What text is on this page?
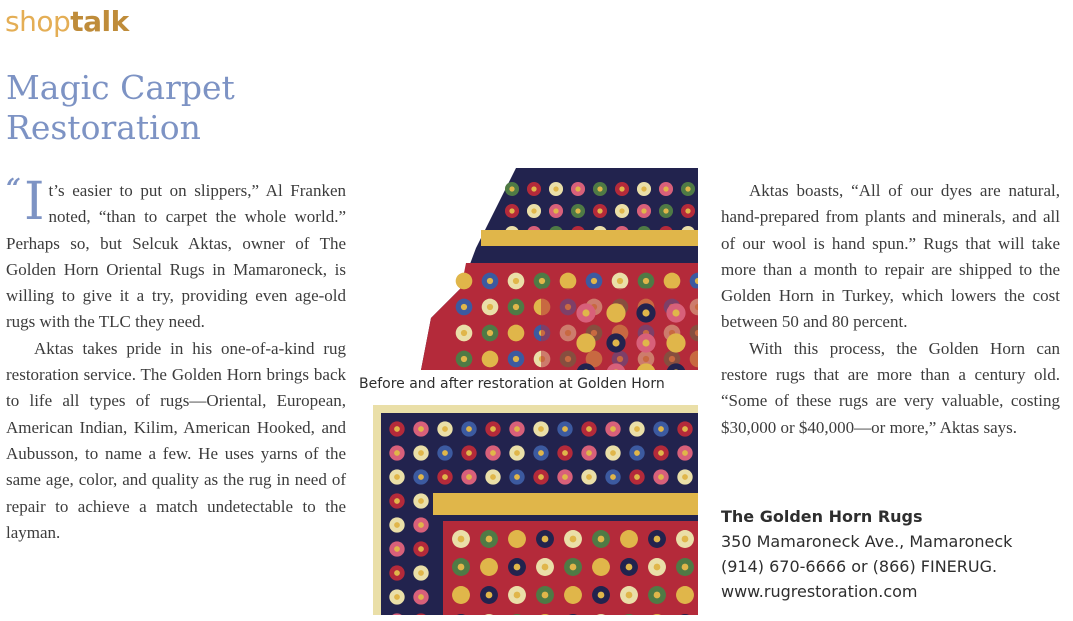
shoptalk
Magic Carpet
Restoration
“ I t’s easier to put on slippers,” Al Franken noted, “than to carpet the whole world.” Perhaps so, but Selcuk Aktas, owner of The Golden Horn Oriental Rugs in Mamaroneck, is willing to give it a try, providing even age-old rugs with the TLC they need.

Aktas takes pride in his one-of-a-kind rug restoration service. The Golden Horn brings back to life all types of rugs—Oriental, European, American Indian, Kilim, American Hooked, and Aubusson, to name a few. He uses yarns of the same age, color, and quality as the rug in need of repair to achieve a match undetectable to the layman.

Before and after restoration at Golden Horn

Aktas boasts, “All of our dyes are natural, hand-prepared from plants and minerals, and all of our wool is hand spun.” Rugs that will take more than a month to repair are shipped to the Golden Horn in Turkey, which lowers the cost between 50 and 80 percent.

With this process, the Golden Horn can restore rugs that are more than a century old. “Some of these rugs are very valuable, costing $30,000 or $40,000—or more,” Aktas says.

The Golden Horn Rugs
350 Mamaroneck Ave., Mamaroneck
(914) 670-6666 or (866) FINERUG.
www.rugrestoration.com
